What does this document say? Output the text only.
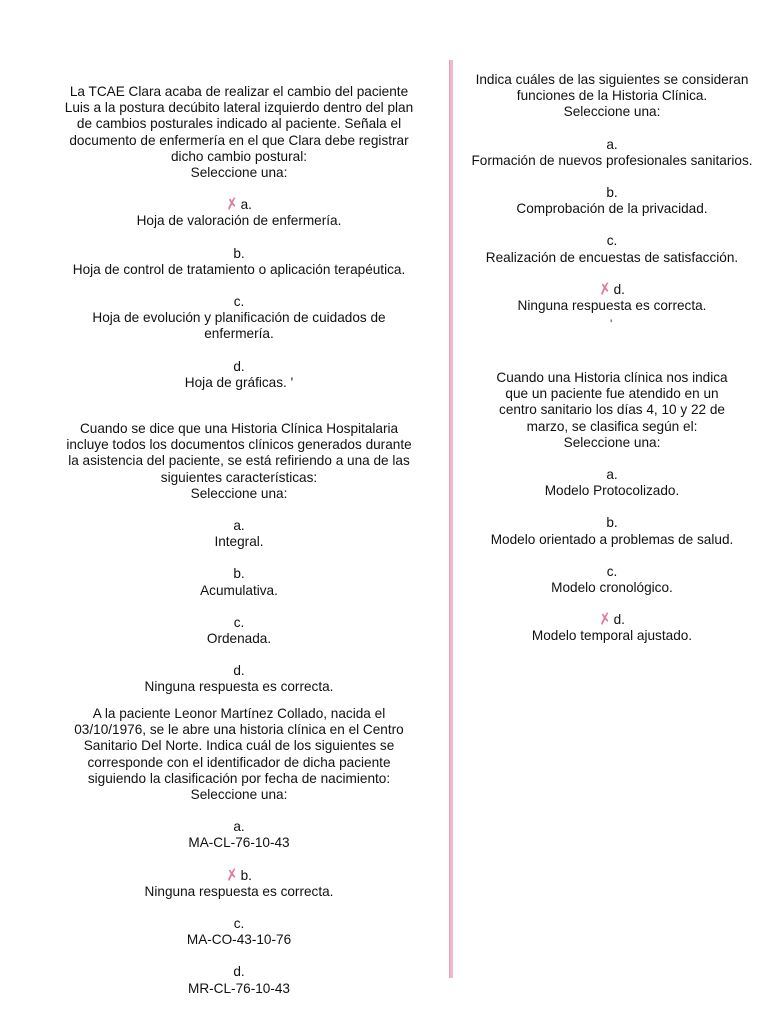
La TCAE Clara acaba de realizar el cambio del paciente
Luis a la postura decúbito lateral izquierdo dentro del plan
de cambios posturales indicado al paciente. Señala el
documento de enfermería en el que Clara debe registrar
dicho cambio postural:

Seleccione una:

✗a.
Hoja de valoración de enfermería.
b.
Hoja de control de tratamiento o aplicación terapéutica.
c.
Hoja de evolución y planificación de cuidados de
enfermería.
d.
Hoja de gráficas. '

Cuando se dice que una Historia Clínica Hospitalaria
incluye todos los documentos clínicos generados durante
la asistencia del paciente, se está refiriendo a una de las
siguientes características:

Seleccione una:

a.
Integral.
b.
Acumulativa.
c.
Ordenada.
d.
Ninguna respuesta es correcta.

A la paciente Leonor Martínez Collado, nacida el
03/10/1976, se le abre una historia clínica en el Centro
Sanitario Del Norte. Indica cuál de los siguientes se
corresponde con el identificador de dicha paciente
siguiendo la clasificación por fecha de nacimiento:

Seleccione una:

a.
MA-CL-76-10-43
✗b.
Ninguna respuesta es correcta.
c.
MA-CO-43-10-76
d.
MR-CL-76-10-43

Indica cuáles de las siguientes se consideran
funciones de la Historia Clínica.

Seleccione una:

a.
Formación de nuevos profesionales sanitarios.
b.
Comprobación de la privacidad.
c.
Realización de encuestas de satisfacción.
✗d.
Ninguna respuesta es correcta.
'

Cuando una Historia clínica nos indica
que un paciente fue atendido en un
centro sanitario los días 4, 10 y 22 de
marzo, se clasifica según el:

Seleccione una:

a.
Modelo Protocolizado.
b.
Modelo orientado a problemas de salud.
c.
Modelo cronológico.
✗d.
Modelo temporal ajustado.
